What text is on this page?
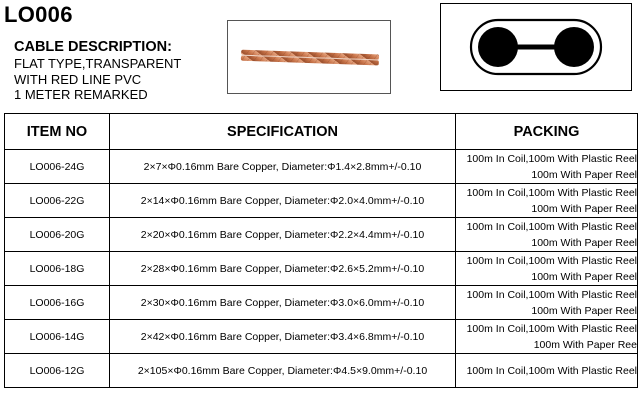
LO006
CABLE DESCRIPTION:
FLAT TYPE,TRANSPARENT
WITH RED LINE PVC
1 METER REMARKED
ITEM NO	SPECIFICATION	PACKING
LO006-24G	2×7×Φ0.16mm Bare Copper, Diameter:Φ1.4×2.8mm+/-0.10	100m In Coil,100m With Plastic Reel
100m With Paper Reel

LO006-22G	2×14×Φ0.16mm Bare Copper, Diameter:Φ2.0×4.0mm+/-0.10	100m In Coil,100m With Plastic Reel
100m With Paper Reel

LO006-20G	2×20×Φ0.16mm Bare Copper, Diameter:Φ2.2×4.4mm+/-0.10	100m In Coil,100m With Plastic Reel
100m With Paper Reel

LO006-18G	2×28×Φ0.16mm Bare Copper, Diameter:Φ2.6×5.2mm+/-0.10	100m In Coil,100m With Plastic Reel
100m With Paper Reel

LO006-16G	2×30×Φ0.16mm Bare Copper, Diameter:Φ3.0×6.0mm+/-0.10	100m In Coil,100m With Plastic Reel
100m With Paper Reel

LO006-14G	2×42×Φ0.16mm Bare Copper, Diameter:Φ3.4×6.8mm+/-0.10	100m In Coil,100m With Plastic Reel
100m With Paper Ree

LO006-12G	2×105×Φ0.16mm Bare Copper, Diameter:Φ4.5×9.0mm+/-0.10	100m In Coil,100m With Plastic Reel
